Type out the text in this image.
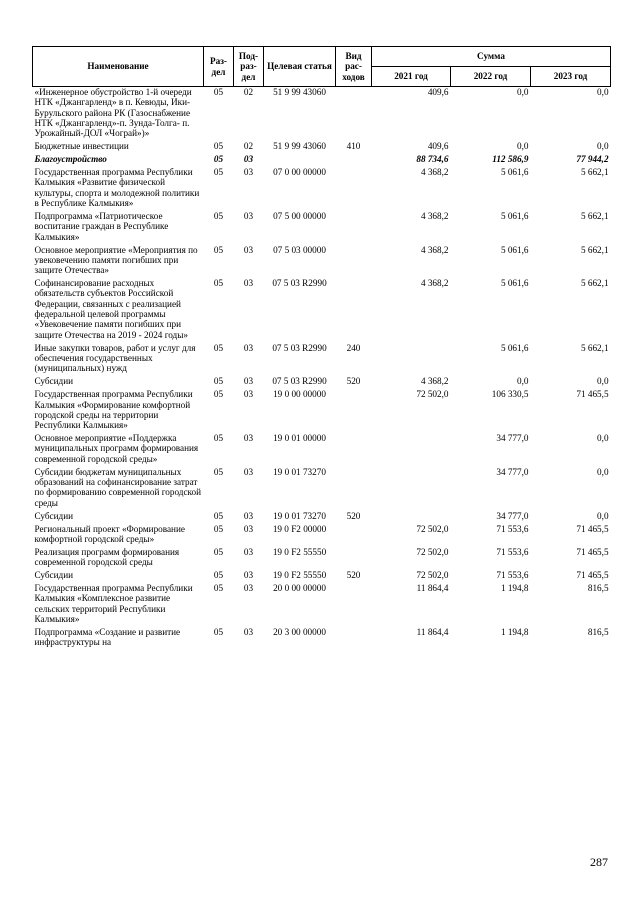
Наименование	Раз-дел	Под-раз-дел	Целевая статья	Вид рас-ходов	Сумма		
					2021 год	2022 год	2023 год
«Инженерное обустройство 1-й очереди НТК «Джангарленд» в п. Кевюды, Ики-Бурульского района РК (Газоснабжение НТК «Джангарленд»-п. Зунда-Толга- п. Урожайный-ДОЛ «Чограй»)»	05	02	51 9 99 43060		409,6	0,0	0,0
Бюджетные инвестиции	05	02	51 9 99 43060	410	409,6	0,0	0,0
Благоустройство	05	03			88 734,6	112 586,9	77 944,2
Государственная программа Республики Калмыкия «Развитие физической культуры, спорта и молодежной политики в Республике Калмыкия»	05	03	07 0 00 00000		4 368,2	5 061,6	5 662,1
Подпрограмма «Патриотическое воспитание граждан в Республике Калмыкия»	05	03	07 5 00 00000		4 368,2	5 061,6	5 662,1
Основное мероприятие «Мероприятия по увековечению памяти погибших при защите Отечества»	05	03	07 5 03 00000		4 368,2	5 061,6	5 662,1
Софинансирование расходных обязательств субъектов Российской Федерации, связанных с реализацией федеральной целевой программы «Увековечение памяти погибших при защите Отечества на 2019 - 2024 годы»	05	03	07 5 03 R2990		4 368,2	5 061,6	5 662,1
Иные закупки товаров, работ и услуг для обеспечения государственных (муниципальных) нужд	05	03	07 5 03 R2990	240		5 061,6	5 662,1
Субсидии	05	03	07 5 03 R2990	520	4 368,2	0,0	0,0
Государственная программа Республики Калмыкия «Формирование комфортной городской среды на территории Республики Калмыкия»	05	03	19 0 00 00000		72 502,0	106 330,5	71 465,5
Основное мероприятие «Поддержка муниципальных программ формирования современной городской среды»	05	03	19 0 01 00000			34 777,0	0,0
Субсидии бюджетам муниципальных образований на софинансирование затрат по формированию современной городской среды	05	03	19 0 01 73270			34 777,0	0,0
Субсидии	05	03	19 0 01 73270	520		34 777,0	0,0
Региональный проект «Формирование комфортной городской среды»	05	03	19 0 F2 00000		72 502,0	71 553,6	71 465,5
Реализация программ формирования современной городской среды	05	03	19 0 F2 55550		72 502,0	71 553,6	71 465,5
Субсидии	05	03	19 0 F2 55550	520	72 502,0	71 553,6	71 465,5
Государственная программа Республики Калмыкия «Комплексное развитие сельских территорий Республики Калмыкия»	05	03	20 0 00 00000		11 864,4	1 194,8	816,5
Подпрограмма «Создание и развитие инфраструктуры на	05	03	20 3 00 00000		11 864,4	1 194,8	816,5
287
